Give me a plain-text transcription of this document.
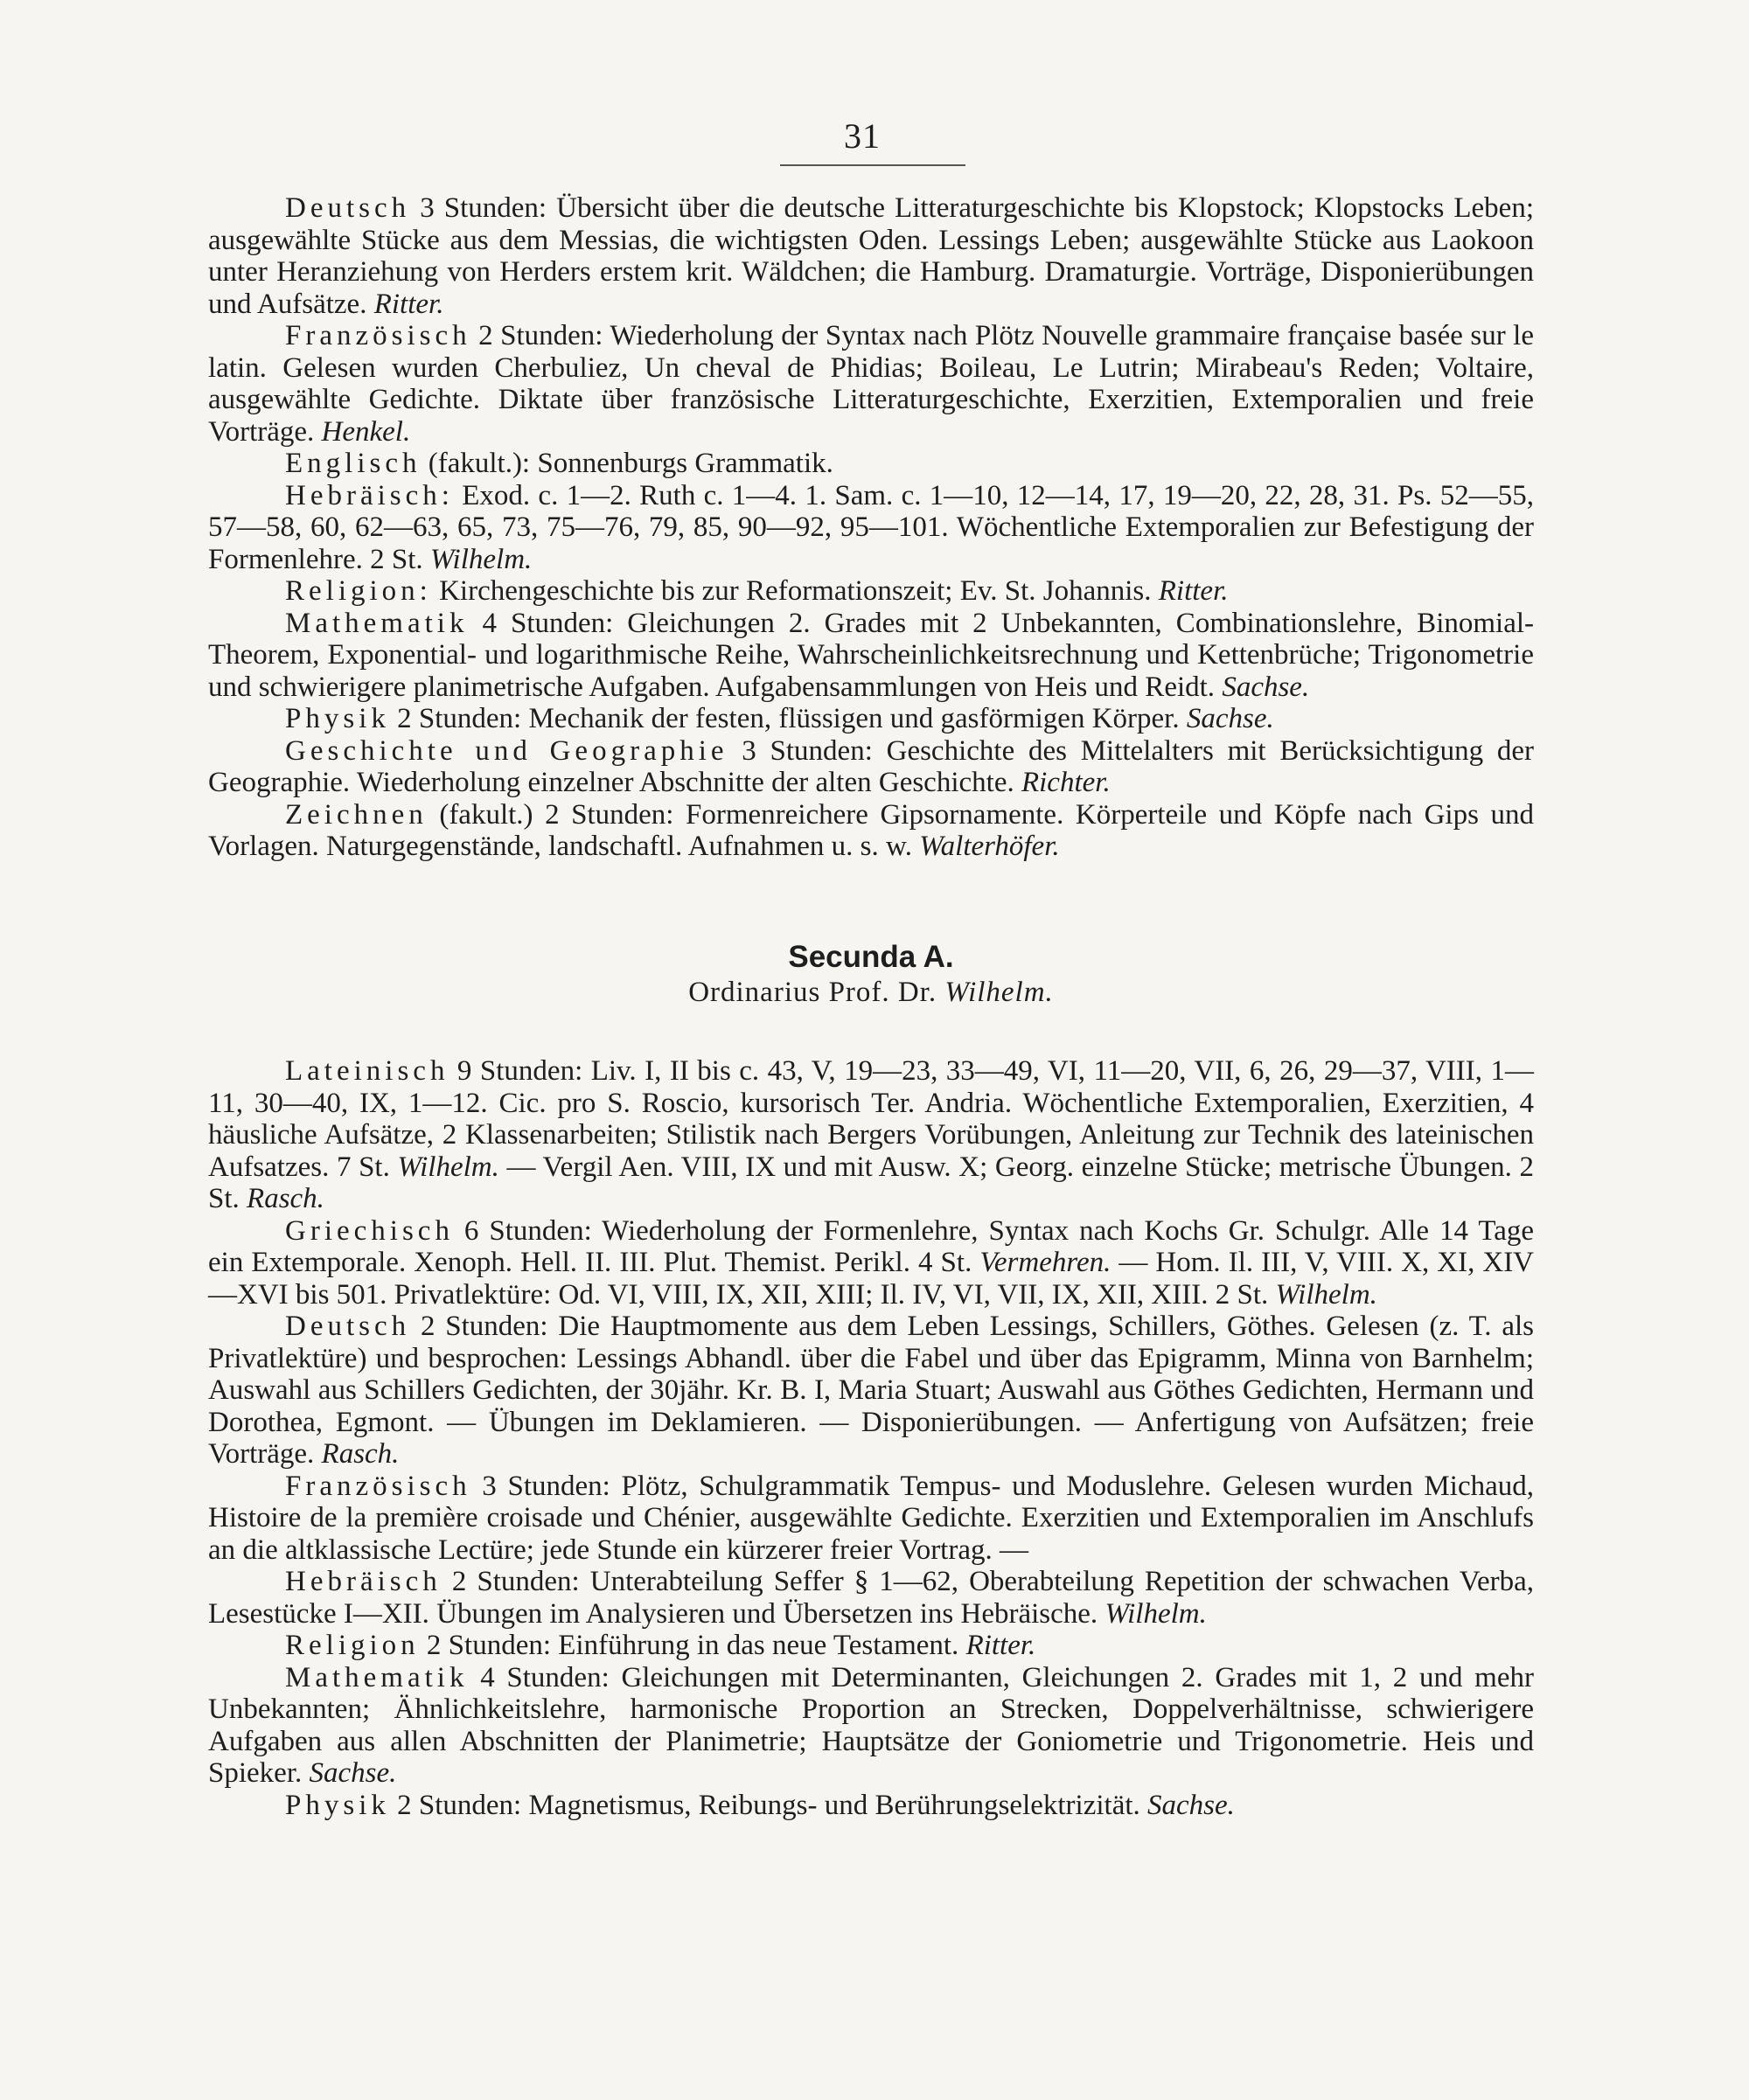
31

Deutsch 3 Stunden: Übersicht über die deutsche Litteraturgeschichte bis Klopstock; Klopstocks Leben; ausgewählte Stücke aus dem Messias, die wichtigsten Oden. Lessings Leben; ausgewählte Stücke aus Laokoon unter Heranziehung von Herders erstem krit. Wäldchen; die Hamburg. Dramaturgie. Vorträge, Disponierübungen und Aufsätze. Ritter.

Französisch 2 Stunden: Wiederholung der Syntax nach Plötz Nouvelle grammaire française basée sur le latin. Gelesen wurden Cherbuliez, Un cheval de Phidias; Boileau, Le Lutrin; Mirabeau's Reden; Voltaire, ausgewählte Gedichte. Diktate über französische Litteraturgeschichte, Exerzitien, Extemporalien und freie Vorträge. Henkel.

Englisch (fakult.): Sonnenburgs Grammatik.

Hebräisch: Exod. c. 1—2. Ruth c. 1—4. 1. Sam. c. 1—10, 12—14, 17, 19—20, 22, 28, 31. Ps. 52—55, 57—58, 60, 62—63, 65, 73, 75—76, 79, 85, 90—92, 95—101. Wöchentliche Extemporalien zur Befestigung der Formenlehre. 2 St. Wilhelm.

Religion: Kirchengeschichte bis zur Reformationszeit; Ev. St. Johannis. Ritter.

Mathematik 4 Stunden: Gleichungen 2. Grades mit 2 Unbekannten, Combinationslehre, Binomial-Theorem, Exponential- und logarithmische Reihe, Wahrscheinlichkeitsrechnung und Kettenbrüche; Trigonometrie und schwierigere planimetrische Aufgaben. Aufgabensammlungen von Heis und Reidt. Sachse.

Physik 2 Stunden: Mechanik der festen, flüssigen und gasförmigen Körper. Sachse.

Geschichte und Geographie 3 Stunden: Geschichte des Mittelalters mit Berücksichtigung der Geographie. Wiederholung einzelner Abschnitte der alten Geschichte. Richter.

Zeichnen (fakult.) 2 Stunden: Formenreichere Gipsornamente. Körperteile und Köpfe nach Gips und Vorlagen. Naturgegenstände, landschaftl. Aufnahmen u. s. w. Walterhöfer.

Secunda A.
Ordinarius Prof. Dr. Wilhelm.

Lateinisch 9 Stunden: Liv. I, II bis c. 43, V, 19—23, 33—49, VI, 11—20, VII, 6, 26, 29—37, VIII, 1—11, 30—40, IX, 1—12. Cic. pro S. Roscio, kursorisch Ter. Andria. Wöchentliche Extemporalien, Exerzitien, 4 häusliche Aufsätze, 2 Klassenarbeiten; Stilistik nach Bergers Vorübungen, Anleitung zur Technik des lateinischen Aufsatzes. 7 St. Wilhelm. — Vergil Aen. VIII, IX und mit Ausw. X; Georg. einzelne Stücke; metrische Übungen. 2 St. Rasch.

Griechisch 6 Stunden: Wiederholung der Formenlehre, Syntax nach Kochs Gr. Schulgr. Alle 14 Tage ein Extemporale. Xenoph. Hell. II. III. Plut. Themist. Perikl. 4 St. Vermehren. — Hom. Il. III, V, VIII. X, XI, XIV—XVI bis 501. Privatlektüre: Od. VI, VIII, IX, XII, XIII; Il. IV, VI, VII, IX, XII, XIII. 2 St. Wilhelm.

Deutsch 2 Stunden: Die Hauptmomente aus dem Leben Lessings, Schillers, Göthes. Gelesen (z. T. als Privatlektüre) und besprochen: Lessings Abhandl. über die Fabel und über das Epigramm, Minna von Barnhelm; Auswahl aus Schillers Gedichten, der 30jähr. Kr. B. I, Maria Stuart; Auswahl aus Göthes Gedichten, Hermann und Dorothea, Egmont. — Übungen im Deklamieren. — Disponierübungen. — Anfertigung von Aufsätzen; freie Vorträge. Rasch.

Französisch 3 Stunden: Plötz, Schulgrammatik Tempus- und Moduslehre. Gelesen wurden Michaud, Histoire de la première croisade und Chénier, ausgewählte Gedichte. Exerzitien und Extemporalien im Anschlufs an die altklassische Lectüre; jede Stunde ein kürzerer freier Vortrag. —

Hebräisch 2 Stunden: Unterabteilung Seffer § 1—62, Oberabteilung Repetition der schwachen Verba, Lesestücke I—XII. Übungen im Analysieren und Übersetzen ins Hebräische. Wilhelm.

Religion 2 Stunden: Einführung in das neue Testament. Ritter.

Mathematik 4 Stunden: Gleichungen mit Determinanten, Gleichungen 2. Grades mit 1, 2 und mehr Unbekannten; Ähnlichkeitslehre, harmonische Proportion an Strecken, Doppelverhältnisse, schwierigere Aufgaben aus allen Abschnitten der Planimetrie; Hauptsätze der Goniometrie und Trigonometrie. Heis und Spieker. Sachse.

Physik 2 Stunden: Magnetismus, Reibungs- und Berührungselektrizität. Sachse.
